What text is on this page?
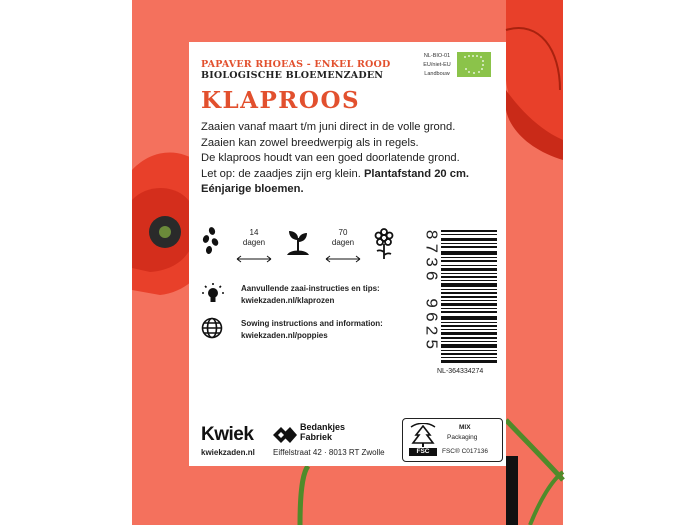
PAPAVER RHOEAS - ENKEL ROOD
BIOLOGISCHE BLOEMENZADEN
KLAPROOS
NL-BIO-01
EU/niet-EU
Landbouw
Zaaien vanaf maart t/m juni direct in de volle grond.
Zaaien kan zowel breedwerpig als in regels.
De klaproos houdt van een goed doorlatende grond.
Let op: de zaadjes zijn erg klein. Plantafstand 20 cm.
Eénjarige bloemen.
14
dagen
70
dagen
Aanvullende zaai-instructies en tips:
kwiekzaden.nl/klaprozen
Sowing instructions and information:
kwiekzaden.nl/poppies	8736 9625
NL-364334274
Kwiek
kwiekzaden.nl
Bedankjes
Fabriek
Eiffelstraat 42 · 8013 RT Zwolle	FSC
MIX
Packaging
FSC® C017136
